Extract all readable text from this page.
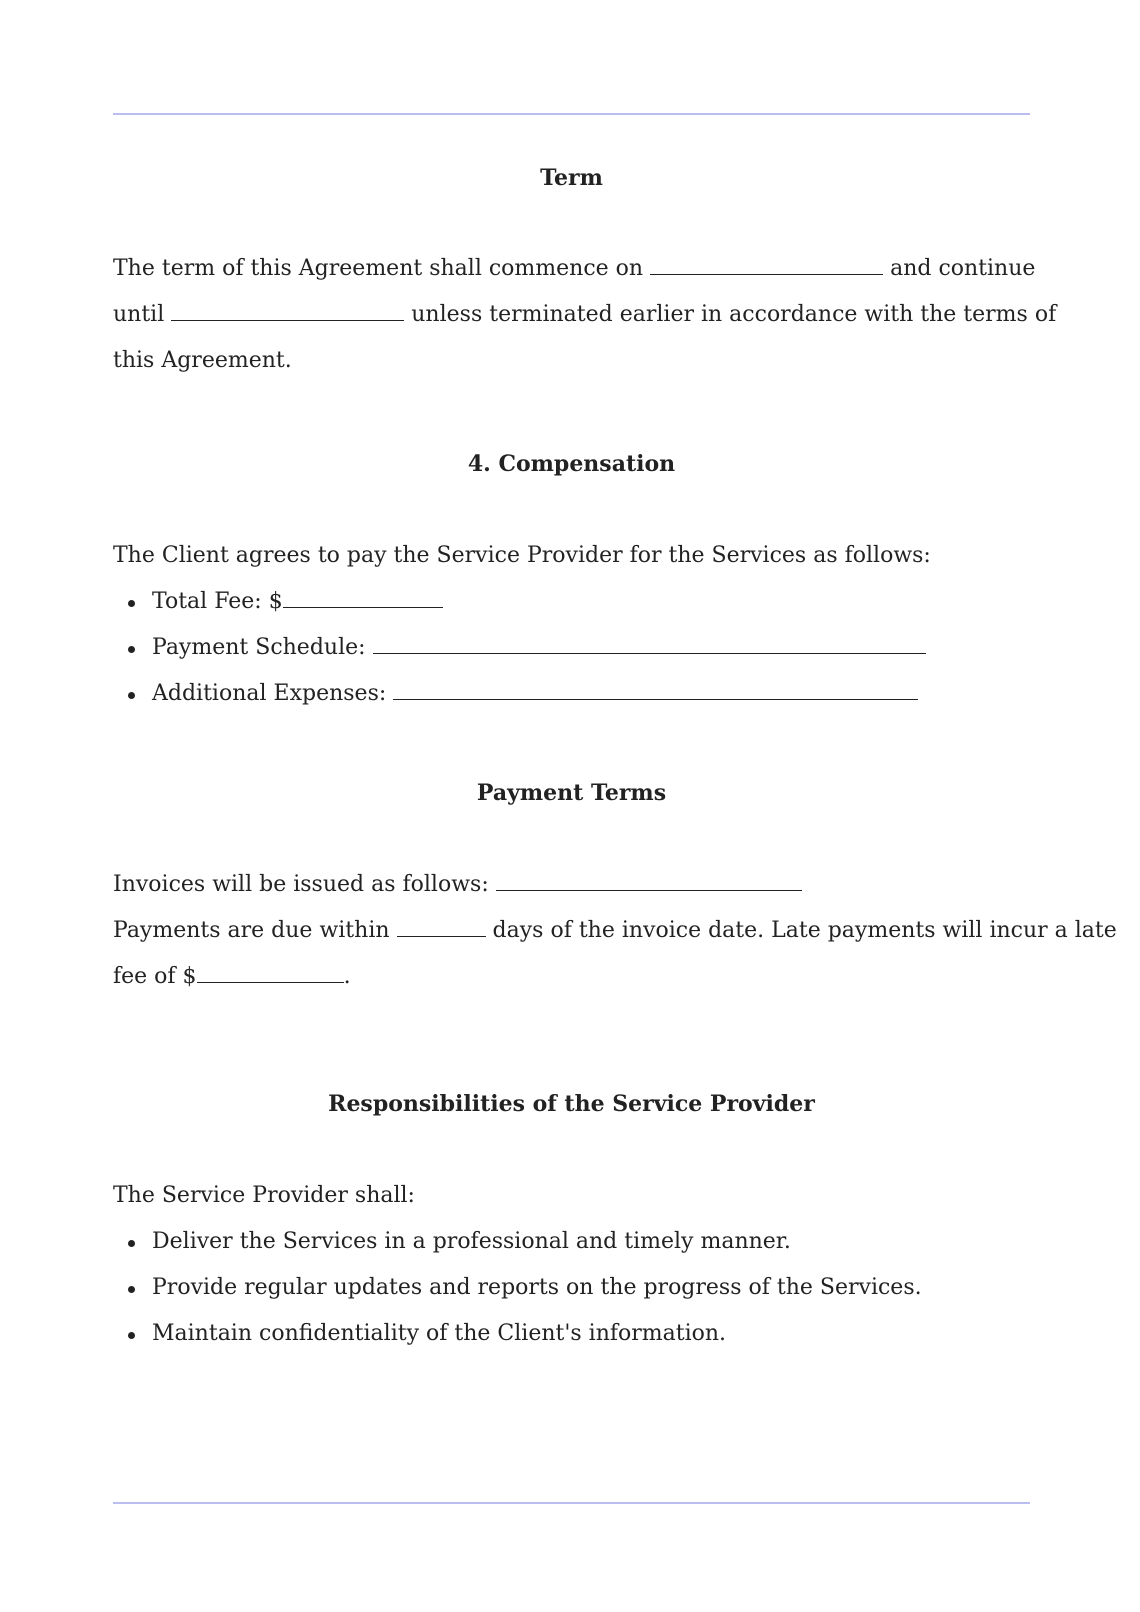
Term

The term of this Agreement shall commence on	and continue

until	unless terminated earlier in accordance with the terms of

this Agreement.

4. Compensation

The Client agrees to pay the Service Provider for the Services as follows:

Total Fee: $
Payment Schedule:
Additional Expenses:
Payment Terms

Invoices will be issued as follows:

Payments are due within	days of the invoice date. Late payments will incur a late

fee of $	.

Responsibilities of the Service Provider

The Service Provider shall:

Deliver the Services in a professional and timely manner.
Provide regular updates and reports on the progress of the Services.
Maintain confidentiality of the Client's information.
